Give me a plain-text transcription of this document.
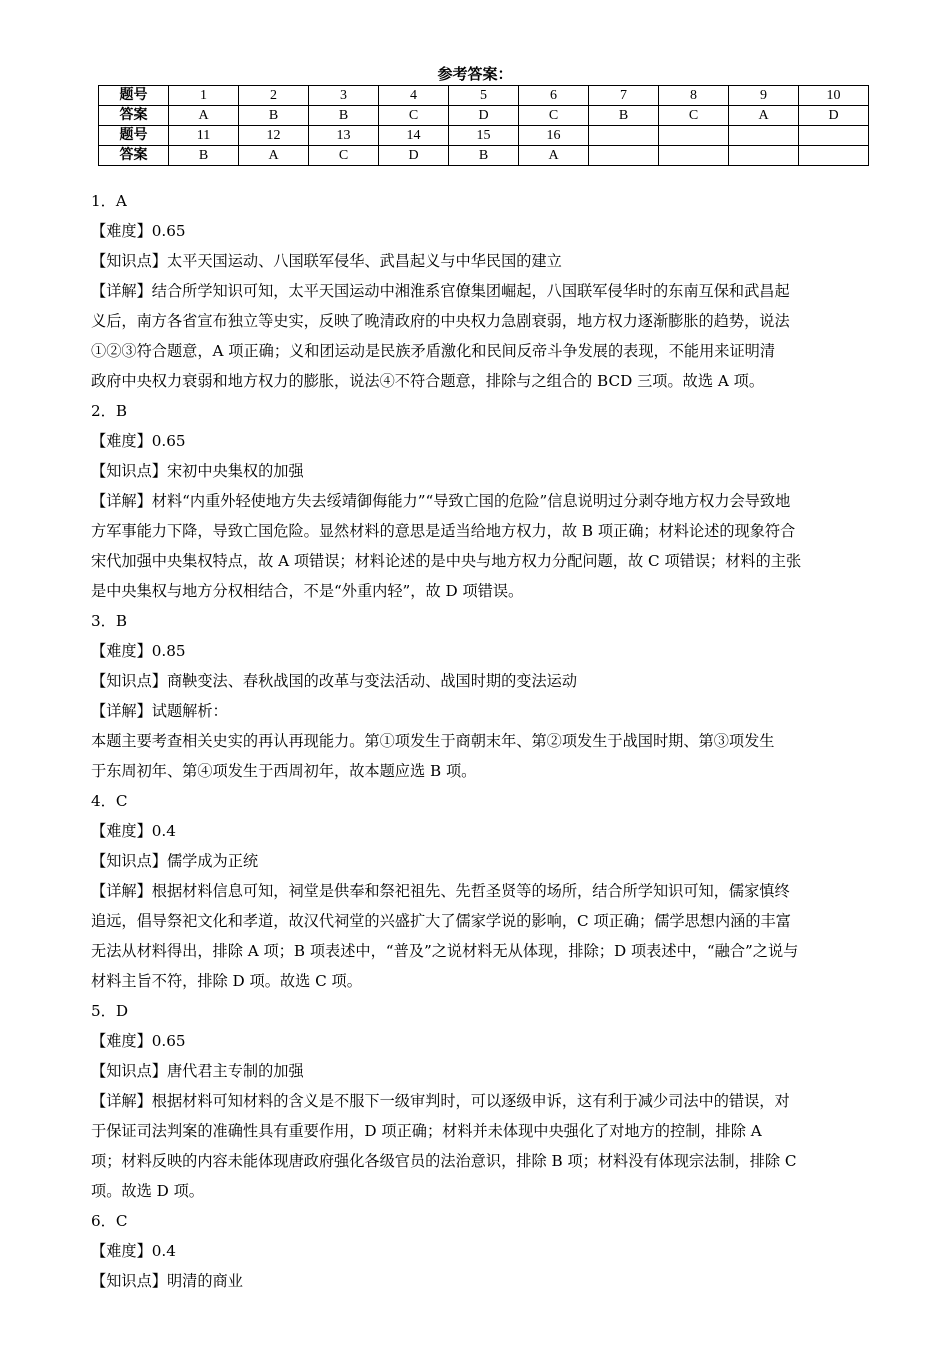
参考答案：
题号	1	2	3	4	5	6	7	8	9	10
答案	A	B	B	C	D	C	B	C	A	D
题号	11	12	13	14	15	16				
答案	B	A	C	D	B	A				
1．A
【难度】0.65
【知识点】太平天国运动、八国联军侵华、武昌起义与中华民国的建立
【详解】结合所学知识可知，太平天国运动中湘淮系官僚集团崛起，八国联军侵华时的东南互保和武昌起
义后，南方各省宣布独立等史实，反映了晚清政府的中央权力急剧衰弱，地方权力逐渐膨胀的趋势，说法
①②③符合题意，A 项正确；义和团运动是民族矛盾激化和民间反帝斗争发展的表现，不能用来证明清
政府中央权力衰弱和地方权力的膨胀，说法④不符合题意，排除与之组合的 BCD 三项。故选 A 项。
2．B
【难度】0.65
【知识点】宋初中央集权的加强
【详解】材料“内重外轻使地方失去绥靖御侮能力”“导致亡国的危险”信息说明过分剥夺地方权力会导致地
方军事能力下降，导致亡国危险。显然材料的意思是适当给地方权力，故 B 项正确；材料论述的现象符合
宋代加强中央集权特点，故 A 项错误；材料论述的是中央与地方权力分配问题，故 C 项错误；材料的主张
是中央集权与地方分权相结合，不是“外重内轻”，故 D 项错误。
3．B
【难度】0.85
【知识点】商鞅变法、春秋战国的改革与变法活动、战国时期的变法运动
【详解】试题解析：
本题主要考查相关史实的再认再现能力。第①项发生于商朝末年、第②项发生于战国时期、第③项发生
于东周初年、第④项发生于西周初年，故本题应选 B 项。
4．C
【难度】0.4
【知识点】儒学成为正统
【详解】根据材料信息可知，祠堂是供奉和祭祀祖先、先哲圣贤等的场所，结合所学知识可知，儒家慎终
追远，倡导祭祀文化和孝道，故汉代祠堂的兴盛扩大了儒家学说的影响，C 项正确；儒学思想内涵的丰富
无法从材料得出，排除 A 项；B 项表述中，“普及”之说材料无从体现，排除；D 项表述中，“融合”之说与
材料主旨不符，排除 D 项。故选 C 项。
5．D
【难度】0.65
【知识点】唐代君主专制的加强
【详解】根据材料可知材料的含义是不服下一级审判时，可以逐级申诉，这有利于减少司法中的错误，对
于保证司法判案的准确性具有重要作用，D 项正确；材料并未体现中央强化了对地方的控制，排除 A
项；材料反映的内容未能体现唐政府强化各级官员的法治意识，排除 B 项；材料没有体现宗法制，排除 C
项。故选 D 项。
6．C
【难度】0.4
【知识点】明清的商业
